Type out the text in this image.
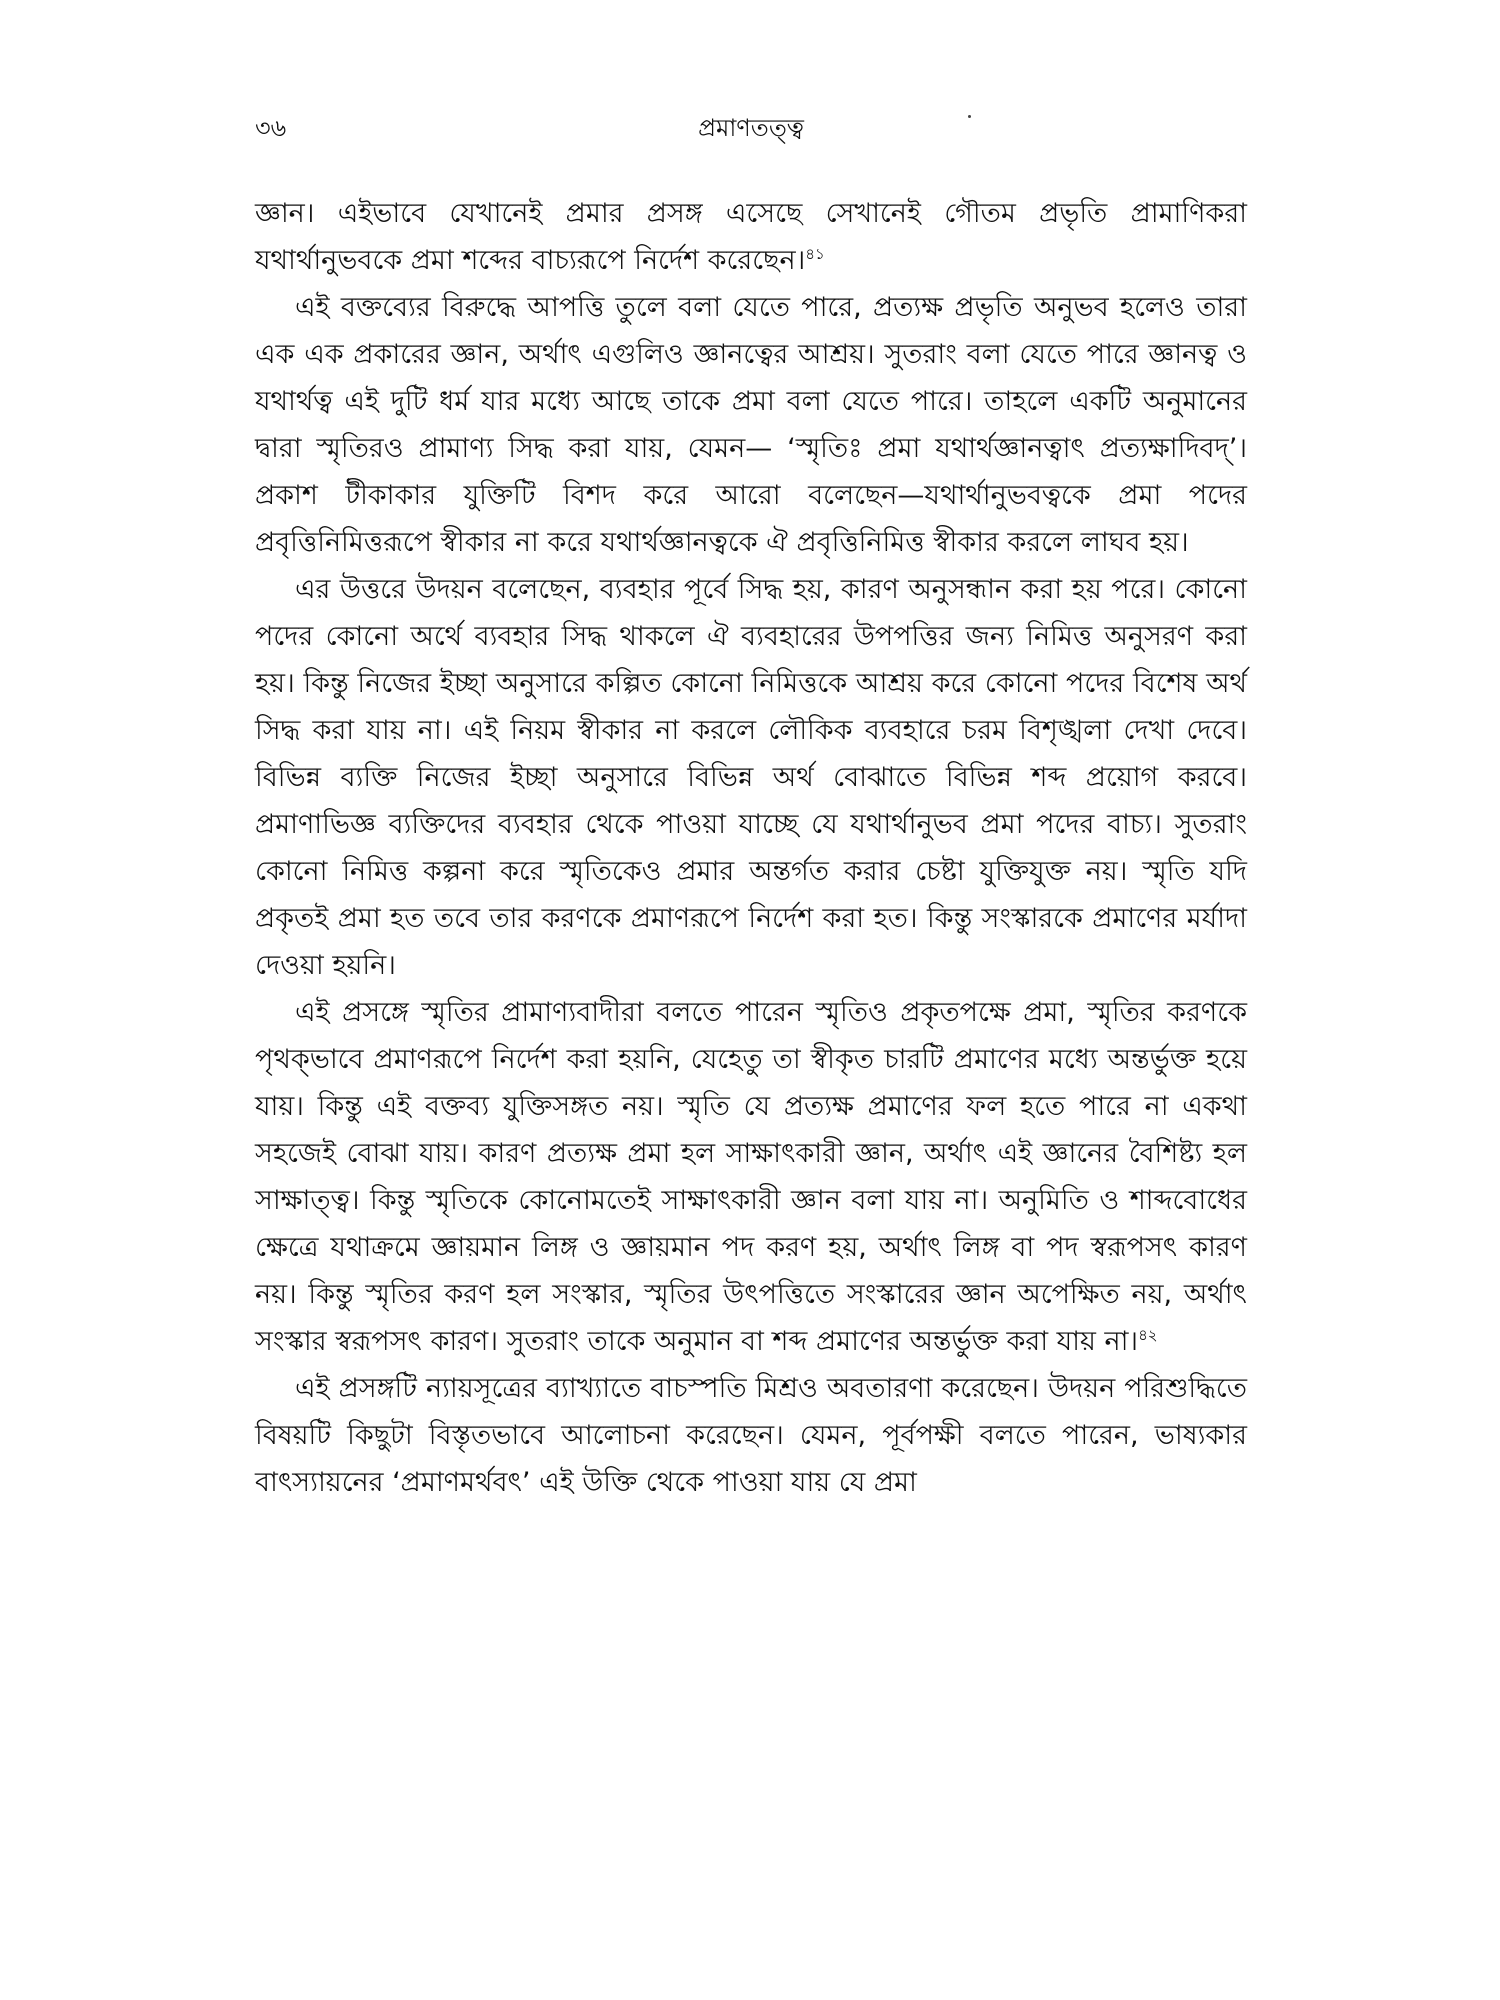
৩৬	প্রমাণতত্ত্ব

জ্ঞান। এইভাবে যেখানেই প্রমার প্রসঙ্গ এসেছে সেখানেই গৌতম প্রভৃতি প্রামাণিকরা যথার্থানুভবকে প্রমা শব্দের বাচ্যরূপে নির্দেশ করেছেন।$^{৪১}$

এই বক্তব্যের বিরুদ্ধে আপত্তি তুলে বলা যেতে পারে, প্রত্যক্ষ প্রভৃতি অনুভব হলেও তারা এক এক প্রকারের জ্ঞান, অর্থাৎ এগুলিও জ্ঞানত্বের আশ্রয়। সুতরাং বলা যেতে পারে জ্ঞানত্ব ও যথার্থত্ব এই দুটি ধর্ম যার মধ্যে আছে তাকে প্রমা বলা যেতে পারে। তাহলে একটি অনুমানের দ্বারা স্মৃতিরও প্রামাণ্য সিদ্ধ করা যায়, যেমন— ‘স্মৃতিঃ প্রমা যথার্থজ্ঞানত্বাৎ প্রত্যক্ষাদিবদ্’। প্রকাশ টীকাকার যুক্তিটি বিশদ করে আরো বলেছেন—যথার্থানুভবত্বকে প্রমা পদের প্রবৃত্তিনিমিত্তরূপে স্বীকার না করে যথার্থজ্ঞানত্বকে ঐ প্রবৃত্তিনিমিত্ত স্বীকার করলে লাঘব হয়।

এর উত্তরে উদয়ন বলেছেন, ব্যবহার পূর্বে সিদ্ধ হয়, কারণ অনুসন্ধান করা হয় পরে। কোনো পদের কোনো অর্থে ব্যবহার সিদ্ধ থাকলে ঐ ব্যবহারের উপপত্তির জন্য নিমিত্ত অনুসরণ করা হয়। কিন্তু নিজের ইচ্ছা অনুসারে কল্পিত কোনো নিমিত্তকে আশ্রয় করে কোনো পদের বিশেষ অর্থ সিদ্ধ করা যায় না। এই নিয়ম স্বীকার না করলে লৌকিক ব্যবহারে চরম বিশৃঙ্খলা দেখা দেবে। বিভিন্ন ব্যক্তি নিজের ইচ্ছা অনুসারে বিভিন্ন অর্থ বোঝাতে বিভিন্ন শব্দ প্রয়োগ করবে। প্রমাণাভিজ্ঞ ব্যক্তিদের ব্যবহার থেকে পাওয়া যাচ্ছে যে যথার্থানুভব প্রমা পদের বাচ্য। সুতরাং কোনো নিমিত্ত কল্পনা করে স্মৃতিকেও প্রমার অন্তর্গত করার চেষ্টা যুক্তিযুক্ত নয়। স্মৃতি যদি প্রকৃতই প্রমা হত তবে তার করণকে প্রমাণরূপে নির্দেশ করা হত। কিন্তু সংস্কারকে প্রমাণের মর্যাদা দেওয়া হয়নি।

এই প্রসঙ্গে স্মৃতির প্রামাণ্যবাদীরা বলতে পারেন স্মৃতিও প্রকৃতপক্ষে প্রমা, স্মৃতির করণকে পৃথক্‌ভাবে প্রমাণরূপে নির্দেশ করা হয়নি, যেহেতু তা স্বীকৃত চারটি প্রমাণের মধ্যে অন্তর্ভুক্ত হয়ে যায়। কিন্তু এই বক্তব্য যুক্তিসঙ্গত নয়। স্মৃতি যে প্রত্যক্ষ প্রমাণের ফল হতে পারে না একথা সহজেই বোঝা যায়। কারণ প্রত্যক্ষ প্রমা হল সাক্ষাৎকারী জ্ঞান, অর্থাৎ এই জ্ঞানের বৈশিষ্ট্য হল সাক্ষাত্ত্ব। কিন্তু স্মৃতিকে কোনোমতেই সাক্ষাৎকারী জ্ঞান বলা যায় না। অনুমিতি ও শাব্দবোধের ক্ষেত্রে যথাক্রমে জ্ঞায়মান লিঙ্গ ও জ্ঞায়মান পদ করণ হয়, অর্থাৎ লিঙ্গ বা পদ স্বরূপসৎ কারণ নয়। কিন্তু স্মৃতির করণ হল সংস্কার, স্মৃতির উৎপত্তিতে সংস্কারের জ্ঞান অপেক্ষিত নয়, অর্থাৎ সংস্কার স্বরূপসৎ কারণ। সুতরাং তাকে অনুমান বা শব্দ প্রমাণের অন্তর্ভুক্ত করা যায় না।$^{৪২}$

এই প্রসঙ্গটি ন্যায়সূত্রের ব্যাখ্যাতে বাচস্পতি মিশ্রও অবতারণা করেছেন। উদয়ন পরিশুদ্ধিতে বিষয়টি কিছুটা বিস্তৃতভাবে আলোচনা করেছেন। যেমন, পূর্বপক্ষী বলতে পারেন, ভাষ্যকার বাৎস্যায়নের ‘প্রমাণমর্থবৎ’ এই উক্তি থেকে পাওয়া যায় যে প্রমা
